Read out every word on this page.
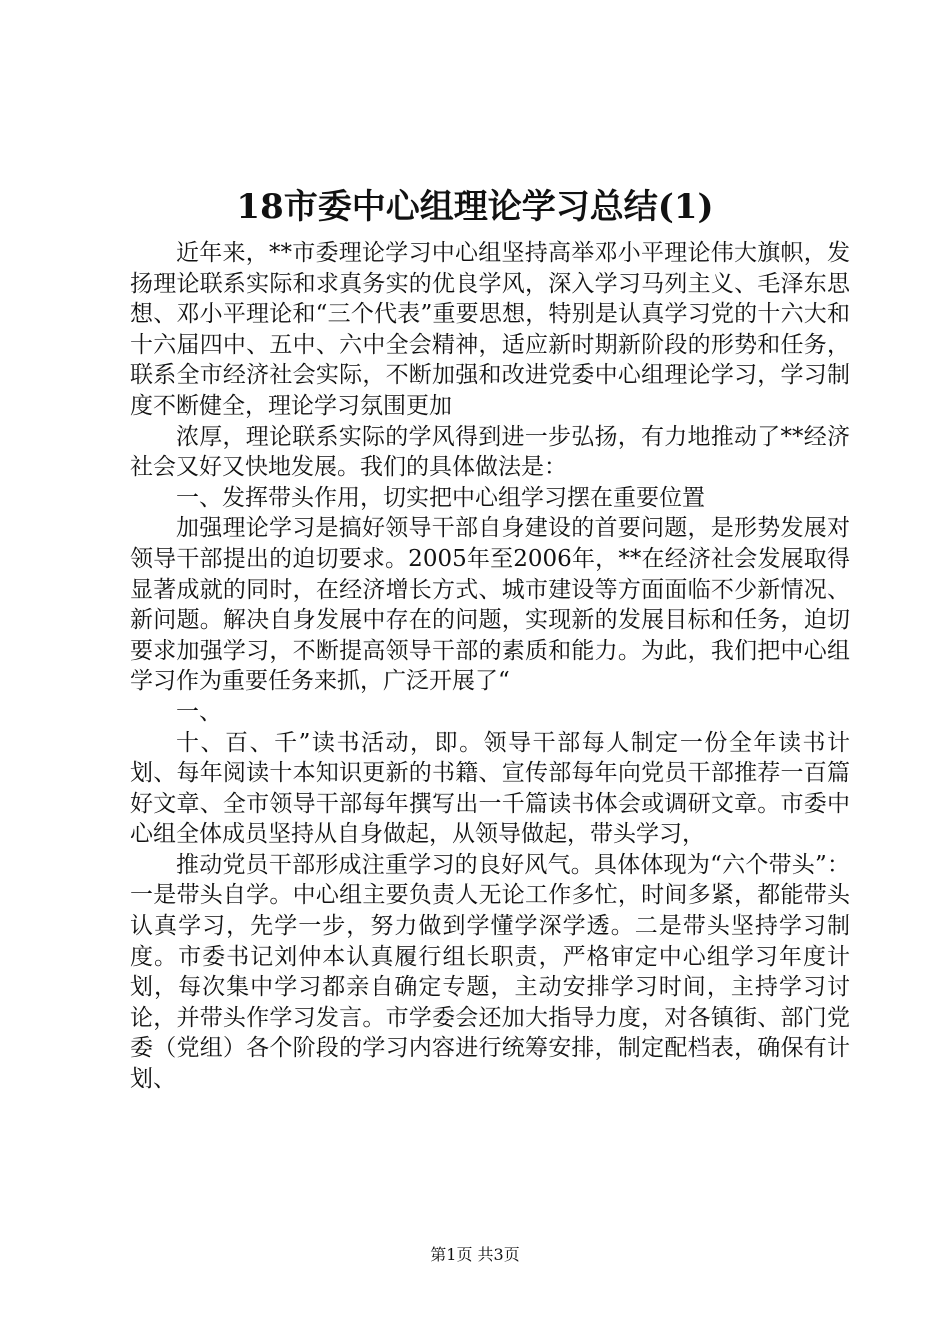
18市委中心组理论学习总结(1)

近年来，**市委理论学习中心组坚持高举邓小平理论伟大旗帜，发扬理论联系实际和求真务实的优良学风，深入学习马列主义、毛泽东思想、邓小平理论和“三个代表”重要思想，特别是认真学习党的十六大和十六届四中、五中、六中全会精神，适应新时期新阶段的形势和任务，联系全市经济社会实际，不断加强和改进党委中心组理论学习，学习制度不断健全，理论学习氛围更加

浓厚，理论联系实际的学风得到进一步弘扬，有力地推动了**经济社会又好又快地发展。我们的具体做法是：

一、发挥带头作用，切实把中心组学习摆在重要位置

加强理论学习是搞好领导干部自身建设的首要问题，是形势发展对领导干部提出的迫切要求。2005年至2006年，**在经济社会发展取得显著成就的同时，在经济增长方式、城市建设等方面面临不少新情况、新问题。解决自身发展中存在的问题，实现新的发展目标和任务，迫切要求加强学习，不断提高领导干部的素质和能力。为此，我们把中心组学习作为重要任务来抓，广泛开展了“

一、

十、百、千”读书活动，即。领导干部每人制定一份全年读书计划、每年阅读十本知识更新的书籍、宣传部每年向党员干部推荐一百篇好文章、全市领导干部每年撰写出一千篇读书体会或调研文章。市委中心组全体成员坚持从自身做起，从领导做起，带头学习，

推动党员干部形成注重学习的良好风气。具体体现为“六个带头”：一是带头自学。中心组主要负责人无论工作多忙，时间多紧，都能带头认真学习，先学一步，努力做到学懂学深学透。二是带头坚持学习制度。市委书记刘仲本认真履行组长职责，严格审定中心组学习年度计划，每次集中学习都亲自确定专题，主动安排学习时间，主持学习讨论，并带头作学习发言。市学委会还加大指导力度，对各镇街、部门党委（党组）各个阶段的学习内容进行统筹安排，制定配档表，确保有计划、

第1页 共3页
